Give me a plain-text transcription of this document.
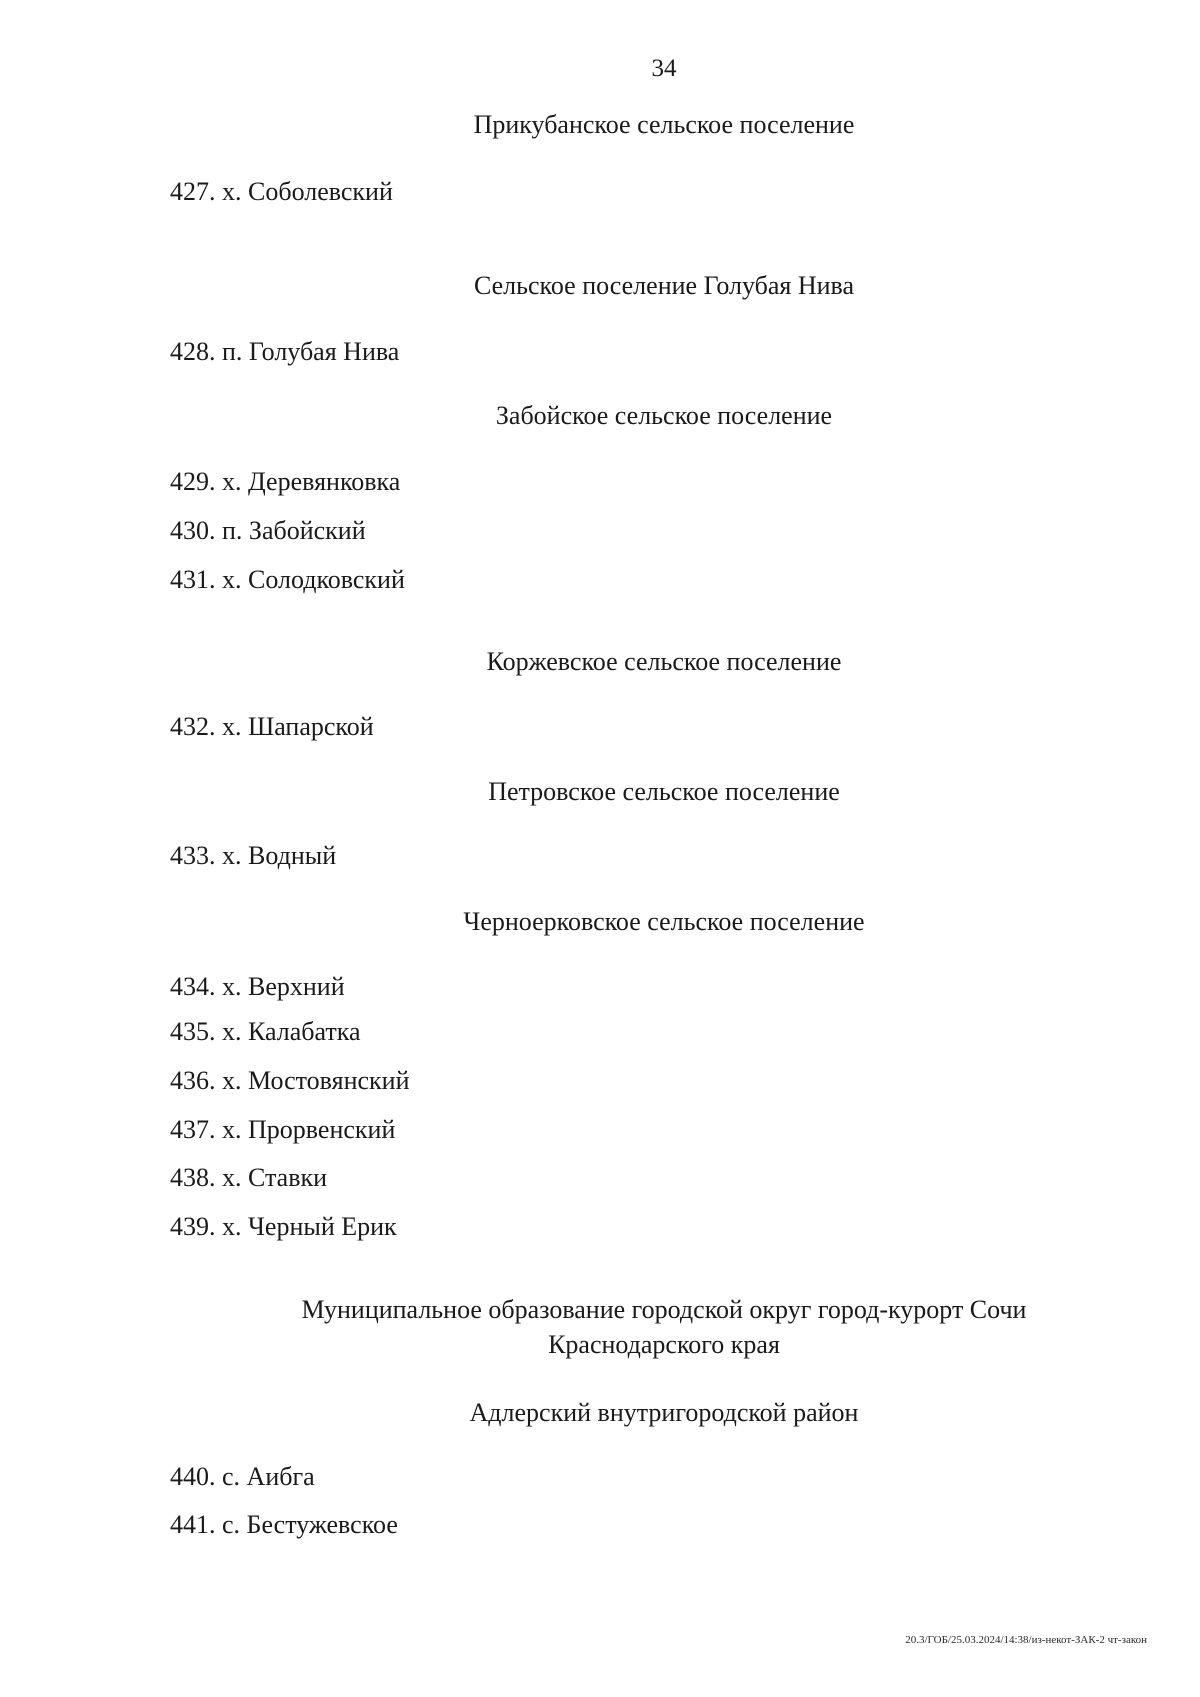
34
Прикубанское сельское поселение
427. х. Соболевский
Сельское поселение Голубая Нива
428. п. Голубая Нива
Забойское сельское поселение
429. х. Деревянковка
430. п. Забойский
431. х. Солодковский
Коржевское сельское поселение
432. х. Шапарской
Петровское сельское поселение
433. х. Водный
Черноерковское сельское поселение
434. х. Верхний
435. х. Калабатка
436. х. Мостовянский
437. х. Прорвенский
438. х. Ставки
439. х. Черный Ерик
Муниципальное образование городской округ город-курорт Сочи
Краснодарского края
Адлерский внутригородской район
440. с. Аибга
441. с. Бестужевское
20.3/ГОБ/25.03.2024/14:38/из-некот-ЗАК-2 чт-закон
